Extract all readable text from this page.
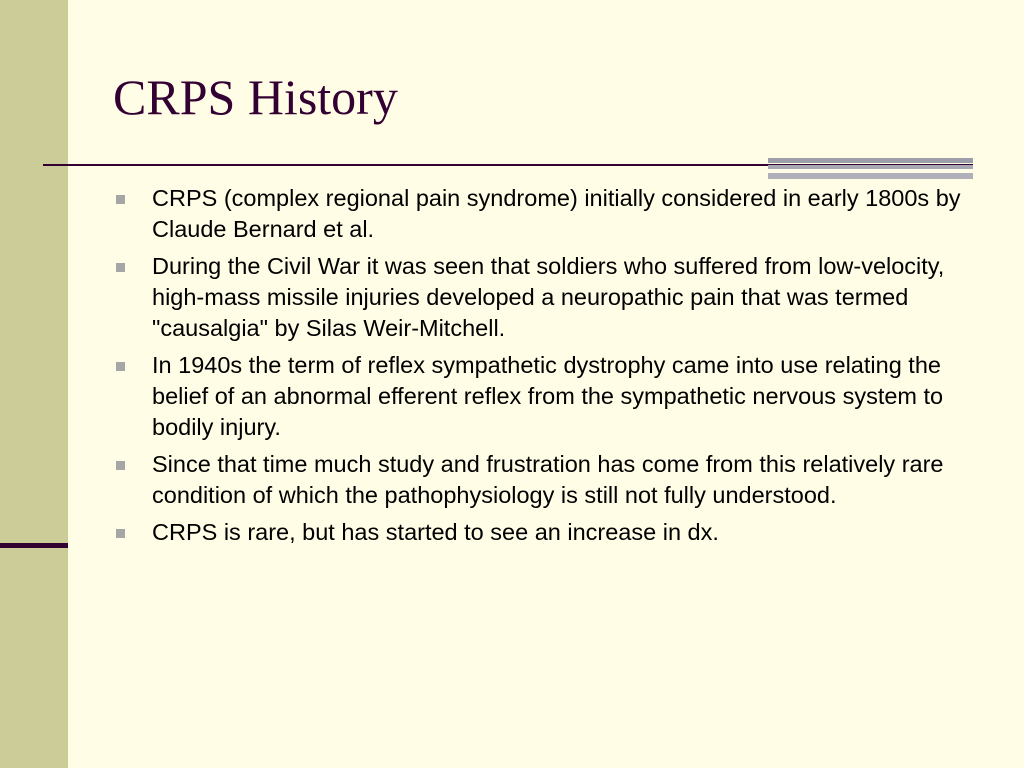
CRPS History
CRPS (complex regional pain syndrome) initially considered in early 1800s by Claude Bernard et al.
During the Civil War it was seen that soldiers who suffered from low-velocity, high-mass missile injuries developed a neuropathic pain that was termed "causalgia" by Silas Weir-Mitchell.
In 1940s the term of reflex sympathetic dystrophy came into use relating the belief of an abnormal efferent reflex from the sympathetic nervous system to bodily injury.
Since that time much study and frustration has come from this relatively rare condition of which the pathophysiology is still not fully understood.
CRPS is rare, but has started to see an increase in dx.
